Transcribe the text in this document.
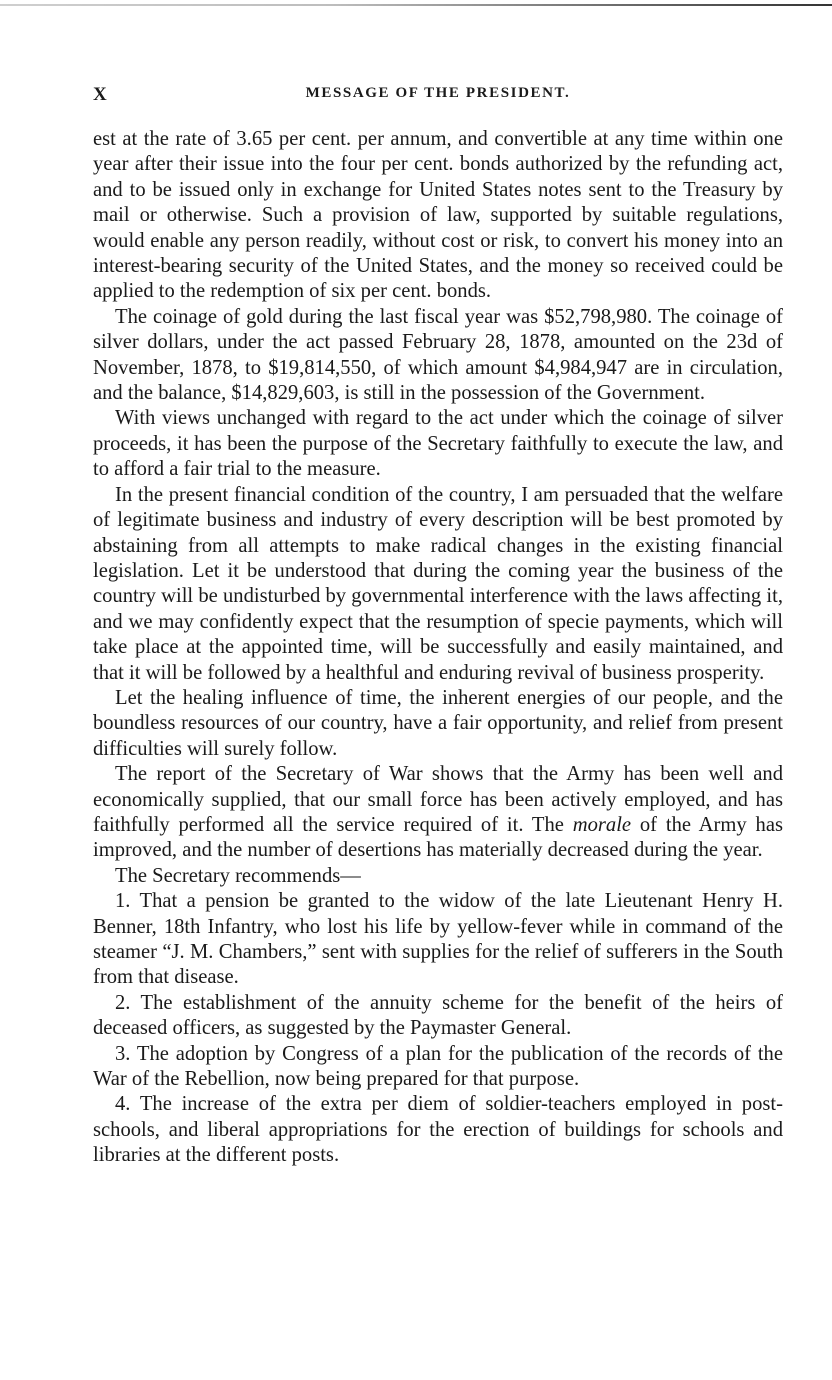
X	MESSAGE OF THE PRESIDENT.

est at the rate of 3.65 per cent. per annum, and convertible at any time within one year after their issue into the four per cent. bonds authorized by the refunding act, and to be issued only in exchange for United States notes sent to the Treasury by mail or otherwise. Such a provision of law, supported by suitable regulations, would enable any person readily, without cost or risk, to convert his money into an interest-bearing security of the United States, and the money so received could be applied to the redemption of six per cent. bonds.

The coinage of gold during the last fiscal year was $52,798,980. The coinage of silver dollars, under the act passed February 28, 1878, amounted on the 23d of November, 1878, to $19,814,550, of which amount $4,984,947 are in circulation, and the balance, $14,829,603, is still in the possession of the Government.

With views unchanged with regard to the act under which the coinage of silver proceeds, it has been the purpose of the Secretary faithfully to execute the law, and to afford a fair trial to the measure.

In the present financial condition of the country, I am persuaded that the welfare of legitimate business and industry of every description will be best promoted by abstaining from all attempts to make radical changes in the existing financial legislation. Let it be understood that during the coming year the business of the country will be undisturbed by governmental interference with the laws affecting it, and we may confidently expect that the resumption of specie payments, which will take place at the appointed time, will be successfully and easily maintained, and that it will be followed by a healthful and enduring revival of business prosperity.

Let the healing influence of time, the inherent energies of our people, and the boundless resources of our country, have a fair opportunity, and relief from present difficulties will surely follow.

The report of the Secretary of War shows that the Army has been well and economically supplied, that our small force has been actively employed, and has faithfully performed all the service required of it. The morale of the Army has improved, and the number of desertions has materially decreased during the year.

The Secretary recommends—

1. That a pension be granted to the widow of the late Lieutenant Henry H. Benner, 18th Infantry, who lost his life by yellow-fever while in command of the steamer “J. M. Chambers,” sent with supplies for the relief of sufferers in the South from that disease.

2. The establishment of the annuity scheme for the benefit of the heirs of deceased officers, as suggested by the Paymaster General.

3. The adoption by Congress of a plan for the publication of the records of the War of the Rebellion, now being prepared for that purpose.

4. The increase of the extra per diem of soldier-teachers employed in post-schools, and liberal appropriations for the erection of buildings for schools and libraries at the different posts.
